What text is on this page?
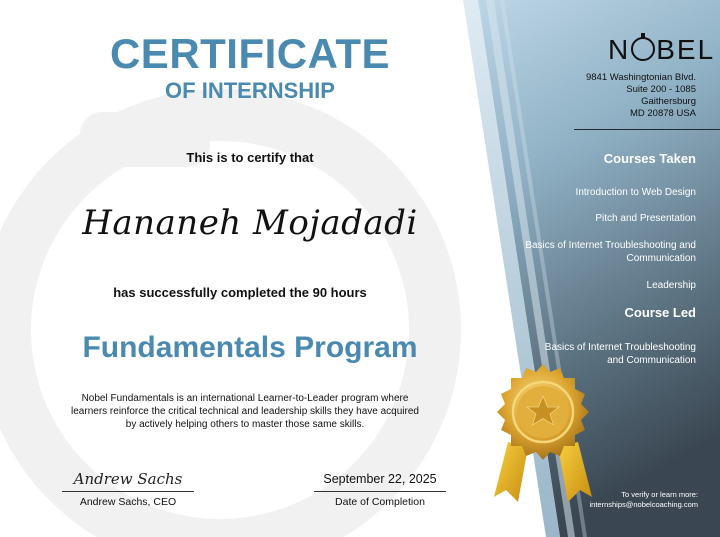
CERTIFICATE
OF INTERNSHIP
This is to certify that
Hananeh Mojadadi
has successfully completed the 90 hours
Fundamentals Program
Nobel Fundamentals is an international Learner-to-Leader program where
learners reinforce the critical technical and leadership skills they have acquired
by actively helping others to master those same skills.
Andrew Sachs
Andrew Sachs, CEO
September 22, 2025
Date of Completion
N BEL
9841 Washingtonian Blvd.
Suite 200 - 1085
Gaithersburg
MD 20878 USA
Courses Taken
Introduction to Web Design
Pitch and Presentation
Basics of Internet Troubleshooting and Communication
Leadership
Course Led
Basics of Internet Troubleshooting and Communication
To verify or learn more:
internships@nobelcoaching.com
